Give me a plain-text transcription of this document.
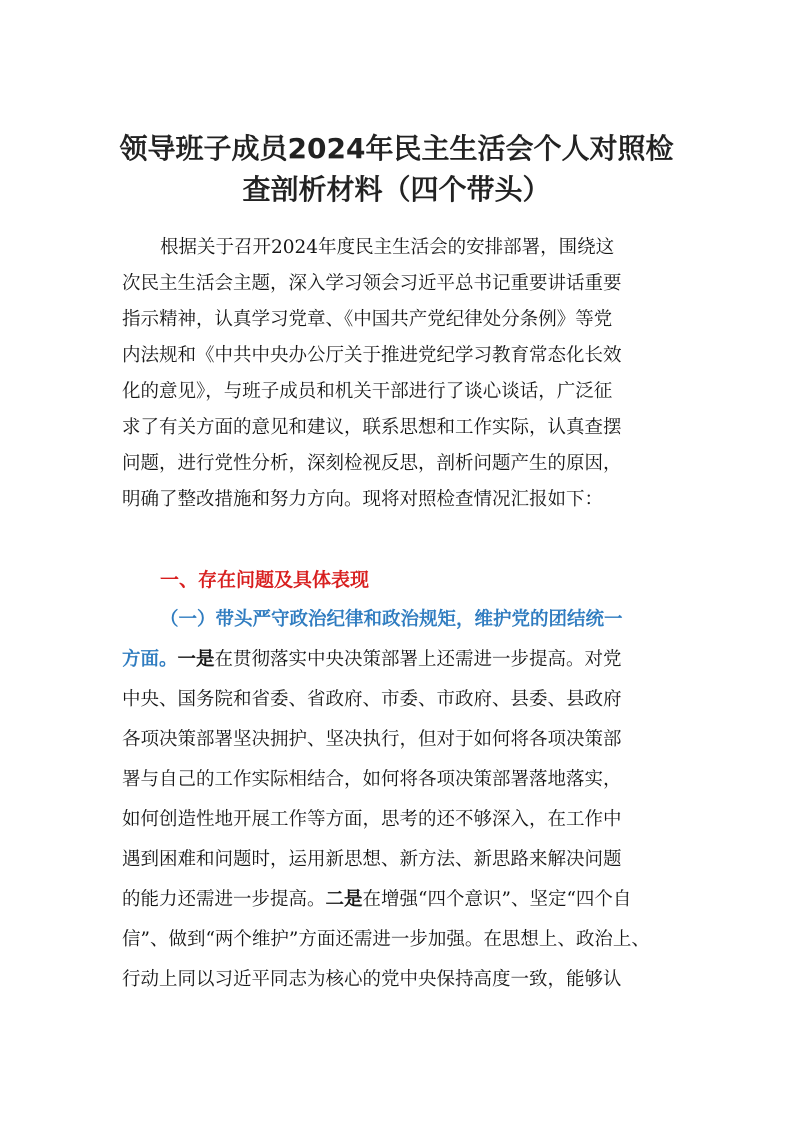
领导班子成员2024年民主生活会个人对照检
查剖析材料（四个带头）
根据关于召开2024年度民主生活会的安排部署，围绕这
次民主生活会主题，深入学习领会习近平总书记重要讲话重要
指示精神，认真学习党章、《中国共产党纪律处分条例》等党
内法规和《中共中央办公厅关于推进党纪学习教育常态化长效
化的意见》，与班子成员和机关干部进行了谈心谈话，广泛征
求了有关方面的意见和建议，联系思想和工作实际，认真查摆
问题，进行党性分析，深刻检视反思，剖析问题产生的原因，
明确了整改措施和努力方向。现将对照检查情况汇报如下：
一、存在问题及具体表现
（一）带头严守政治纪律和政治规矩，维护党的团结统一
方面。一是在贯彻落实中央决策部署上还需进一步提高。对党
中央、国务院和省委、省政府、市委、市政府、县委、县政府
各项决策部署坚决拥护、坚决执行，但对于如何将各项决策部
署与自己的工作实际相结合，如何将各项决策部署落地落实，
如何创造性地开展工作等方面，思考的还不够深入，在工作中
遇到困难和问题时，运用新思想、新方法、新思路来解决问题
的能力还需进一步提高。二是在增强“四个意识”、坚定“四个自
信”、做到“两个维护”方面还需进一步加强。在思想上、政治上、
行动上同以习近平同志为核心的党中央保持高度一致，能够认
